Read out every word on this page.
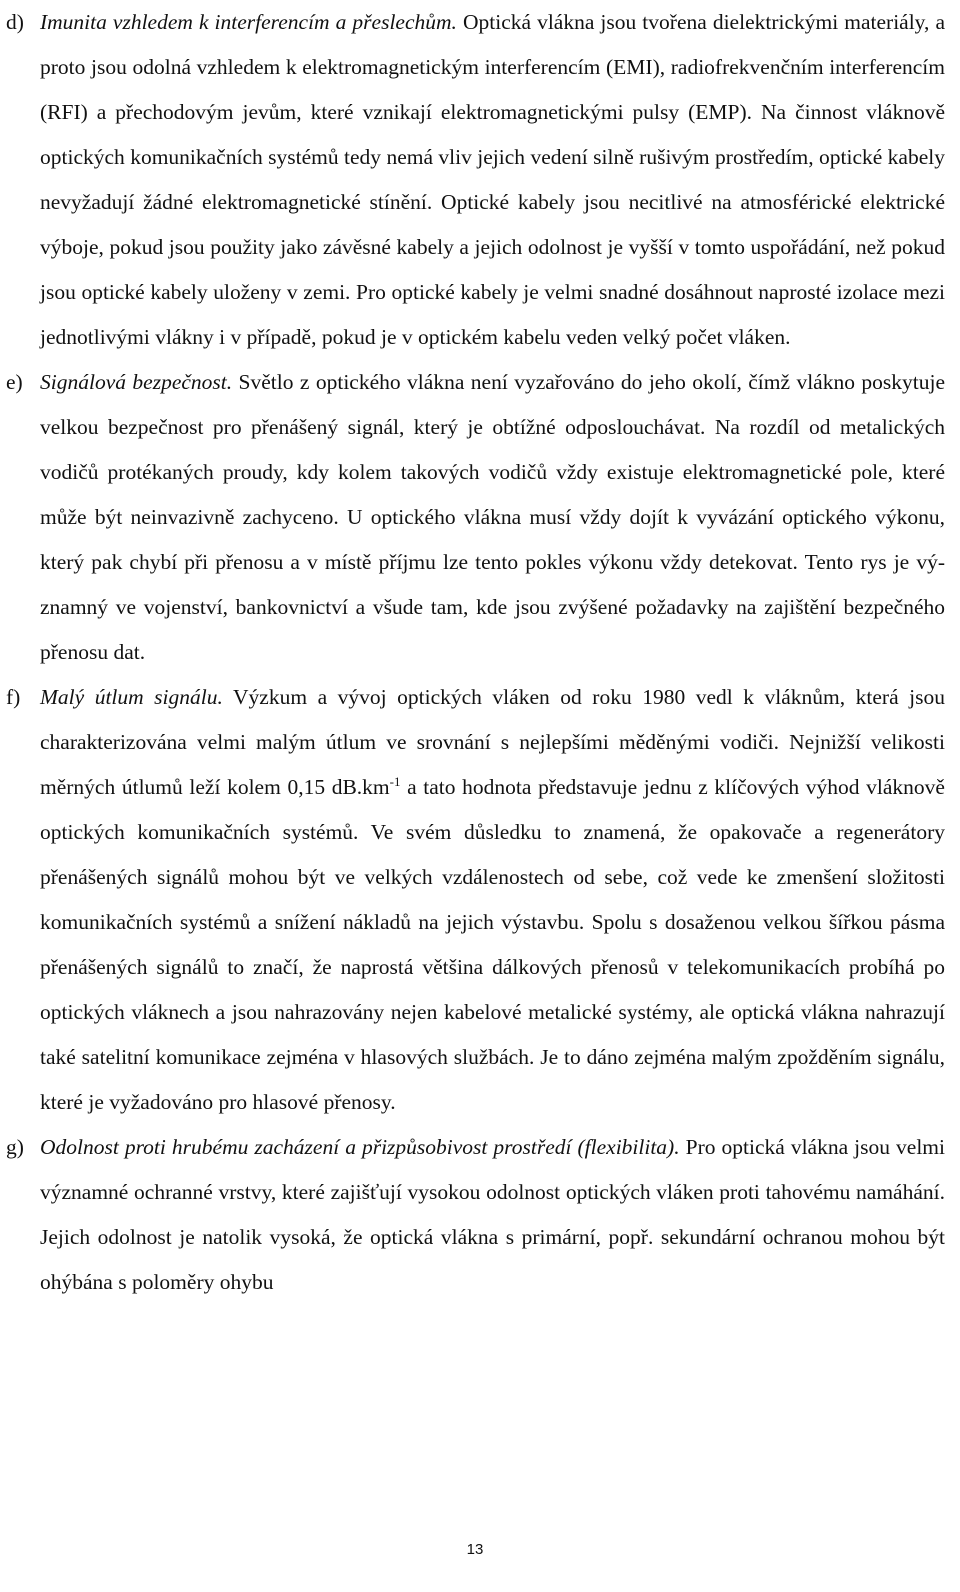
d) Imunita vzhledem k interferencím a přeslechům. Optická vlákna jsou tvořena dielektrickými materiály, a proto jsou odolná vzhledem k elektromagnetickým interferencím (EMI), radiofrekvenčním interferencím (RFI) a přechodovým jevům, které vznikají elektromagnetickými pulsy (EMP). Na činnost vláknově optických komunikačních systémů tedy nemá vliv jejich vedení silně rušivým prostředím, optické kabely nevyžadují žádné elektromagnetické stínění. Optické kabely jsou necitlivé na atmosférické elektrické výboje, pokud jsou použity jako závěsné kabely a jejich odolnost je vyšší v tomto uspořádání, než pokud jsou optické kabely uloženy v zemi. Pro optické kabely je velmi snadné dosáhnout naprosté izolace mezi jednotlivými vlákny i v případě, pokud je v optickém kabelu veden velký počet vláken.

e) Signálová bezpečnost. Světlo z optického vlákna není vyzařováno do jeho okolí, čímž vlákno poskytuje velkou bezpečnost pro přenášený signál, který je obtížné odposlouchávat. Na rozdíl od metalických vodičů protékaných proudy, kdy kolem takových vodičů vždy existuje elektromagnetické pole, které může být neinvazivně zachyceno. U optického vlákna musí vždy dojít k vyvázání optického výkonu, který pak chybí při přenosu a v místě příjmu lze tento pokles výkonu vždy detekovat. Tento rys je významný ve vojenství, bankovnictví a všude tam, kde jsou zvýšené požadavky na zajištění bezpečného přenosu dat.

f) Malý útlum signálu. Výzkum a vývoj optických vláken od roku 1980 vedl k vláknům, která jsou charakterizována velmi malým útlum ve srovnání s nejlepšími měděnými vodiči. Nejnižší velikosti měrných útlumů leží kolem 0,15 $dB.km^{-1}$ a tato hodnota představuje jednu z klíčových výhod vláknově optických komunikačních systémů. Ve svém důsledku to znamená, že opakovače a regenerátory přenášených signálů mohou být ve velkých vzdálenostech od sebe, což vede ke zmenšení složitosti komunikačních systémů a snížení nákladů na jejich výstavbu. Spolu s dosaženou velkou šířkou pásma přenášených signálů to značí, že naprostá většina dálkových přenosů v telekomunikacích probíhá po optických vláknech a jsou nahrazovány nejen kabelové metalické systémy, ale optická vlákna nahrazují také satelitní komunikace zejména v hlasových službách. Je to dáno zejména malým zpožděním signálu, které je vyžadováno pro hlasové přenosy.

g) Odolnost proti hrubému zacházení a přizpůsobivost prostředí (flexibilita). Pro optická vlákna jsou velmi významné ochranné vrstvy, které zajišťují vysokou odolnost optických vláken proti tahovému namáhání. Jejich odolnost je natolik vysoká, že optická vlákna s primární, popř. sekundární ochranou mohou být ohýbána s poloměry ohybu

13
